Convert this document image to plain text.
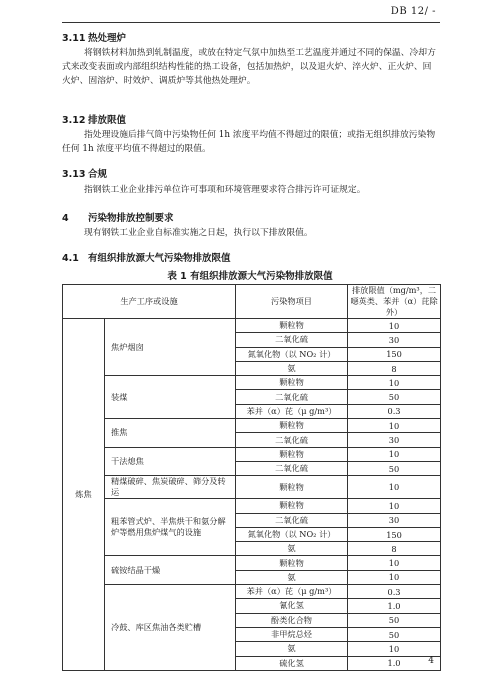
DB 12/ -
3.11 热处理炉
将钢铁材料加热到轧制温度，或放在特定气氛中加热至工艺温度并通过不同的保温、冷却方式来改变表面或内部组织结构性能的热工设备，包括加热炉，以及退火炉、淬火炉、正火炉、回火炉、固溶炉、时效炉、调质炉等其他热处理炉。
3.12 排放限值
指处理设施后排气筒中污染物任何 1h 浓度平均值不得超过的限值；或指无组织排放污染物任何 1h 浓度平均值不得超过的限值。
3.13 合规
指钢铁工业企业排污单位许可事项和环境管理要求符合排污许可证规定。
4 污染物排放控制要求
现有钢铁工业企业自标准实施之日起，执行以下排放限值。
4.1 有组织排放源大气污染物排放限值
表 1 有组织排放源大气污染物排放限值
生产工序或设施		污染物项目	排放限值（mg/m³，二噁英类、苯并（α）芘除外）
炼焦	焦炉烟囱	颗粒物	10
		二氧化硫	30
		氮氧化物（以 NO₂ 计）	150
		氨	8
	装煤	颗粒物	10
		二氧化硫	50
		苯并（α）芘（μ g/m³）	0.3
	推焦	颗粒物	10
		二氧化硫	30
	干法熄焦	颗粒物	10
		二氧化硫	50
	精煤破碎、焦炭破碎、筛分及转运	颗粒物	10
	粗苯管式炉、半焦烘干和氨分解炉等燃用焦炉煤气的设施	颗粒物	10
		二氧化硫	30
		氮氧化物（以 NO₂ 计）	150
		氨	8
	硫铵结晶干燥	颗粒物	10
		氨	10
	冷鼓、库区焦油各类贮槽	苯并（α）芘（μ g/m³）	0.3
		氰化氢	1.0
		酚类化合物	50
		非甲烷总烃	50
		氨	10
		硫化氢	1.0	4
